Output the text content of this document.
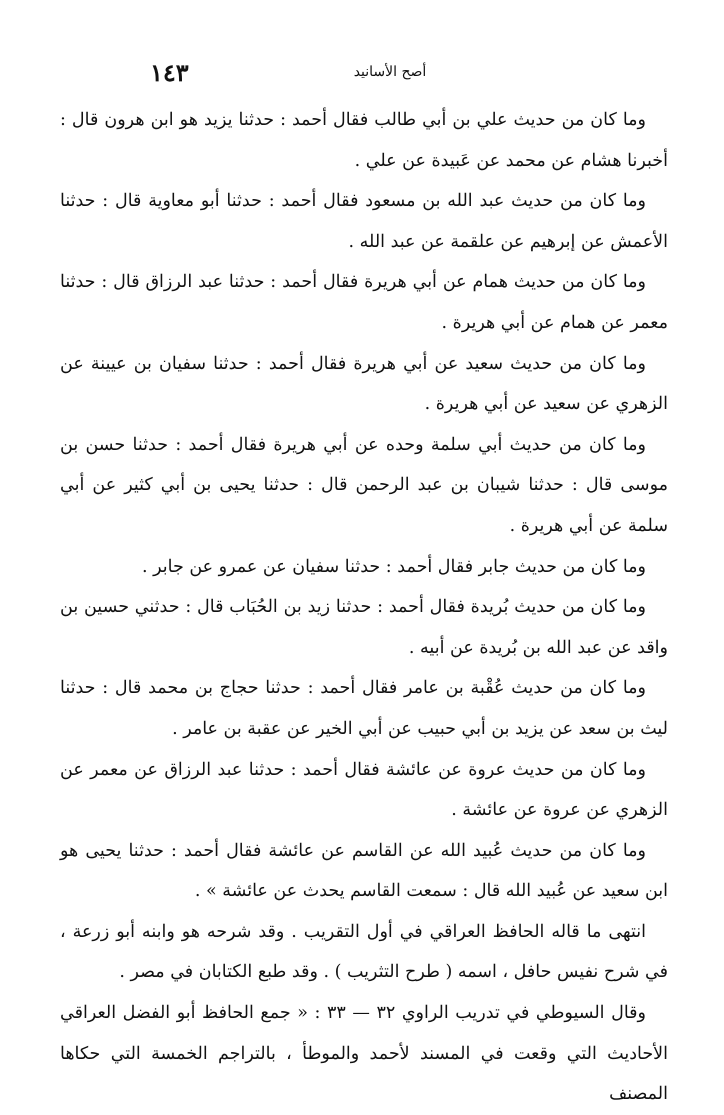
١٤٣	أصح الأسانيد

وما كان من حديث علي بن أبي طالب فقال أحمد : حدثنا يزيد هو ابن هرون قال : أخبرنا هشام عن محمد عن عَبيدة عن علي .

وما كان من حديث عبد الله بن مسعود فقال أحمد : حدثنا أبو معاوية قال : حدثنا الأعمش عن إبرهيم عن علقمة عن عبد الله .

وما كان من حديث همام عن أبي هريرة فقال أحمد : حدثنا عبد الرزاق قال : حدثنا معمر عن همام عن أبي هريرة .

وما كان من حديث سعيد عن أبي هريرة فقال أحمد : حدثنا سفيان بن عيينة عن الزهري عن سعيد عن أبي هريرة .

وما كان من حديث أبي سلمة وحده عن أبي هريرة فقال أحمد : حدثنا حسن بن موسى قال : حدثنا شيبان بن عبد الرحمن قال : حدثنا يحيى بن أبي كثير عن أبي سلمة عن أبي هريرة .

وما كان من حديث جابر فقال أحمد : حدثنا سفيان عن عمرو عن جابر .

وما كان من حديث بُريدة فقال أحمد : حدثنا زيد بن الحُبَاب قال : حدثني حسين بن واقد عن عبد الله بن بُريدة عن أبيه .

وما كان من حديث عُقْبة بن عامر فقال أحمد : حدثنا حجاج بن محمد قال : حدثنا ليث بن سعد عن يزيد بن أبي حبيب عن أبي الخير عن عقبة بن عامر .

وما كان من حديث عروة عن عائشة فقال أحمد : حدثنا عبد الرزاق عن معمر عن الزهري عن عروة عن عائشة .

وما كان من حديث عُبيد الله عن القاسم عن عائشة فقال أحمد : حدثنا يحيى هو ابن سعيد عن عُبيد الله قال : سمعت القاسم يحدث عن عائشة » .

انتهى ما قاله الحافظ العراقي في أول التقريب . وقد شرحه هو وابنه أبو زرعة ، في شرح نفيس حافل ، اسمه ( طرح التثريب ) . وقد طبع الكتابان في مصر .

وقال السيوطي في تدريب الراوي ٣٢ — ٣٣ : « جمع الحافظ أبو الفضل العراقي الأحاديث التي وقعت في المسند لأحمد والموطأ ، بالتراجم الخمسة التي حكاها المصنف
